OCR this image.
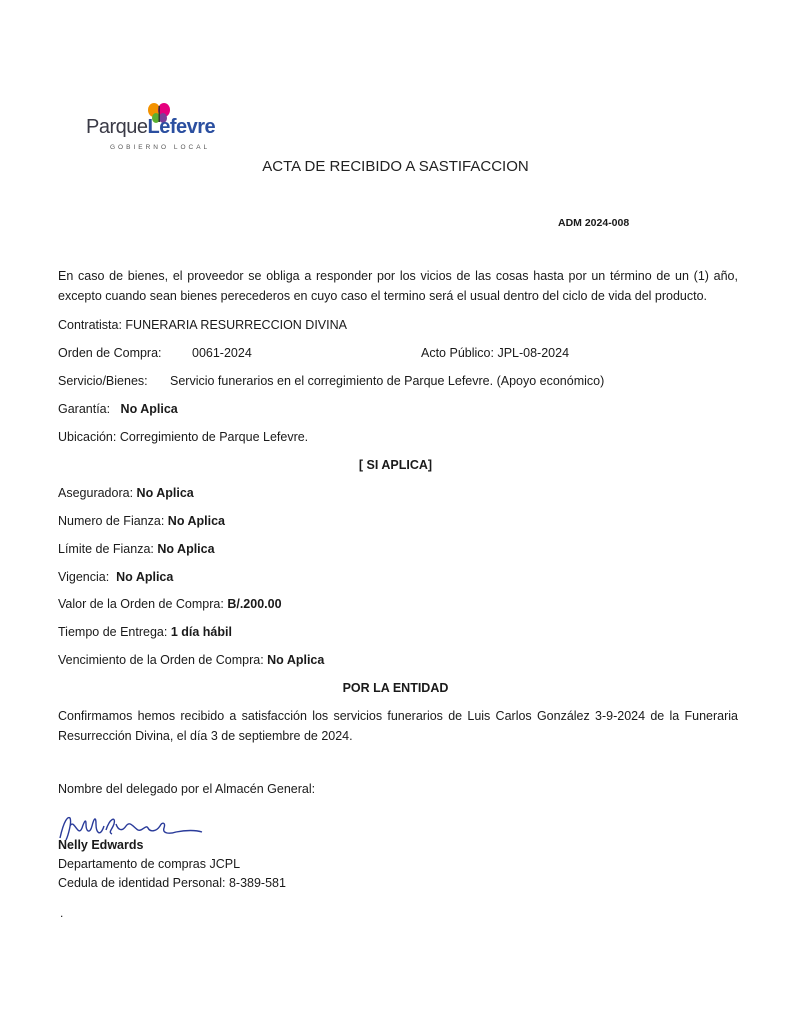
ParqueLefevre
GOBIERNO LOCAL
ACTA DE RECIBIDO A SASTIFACCION
ADM 2024-008
En caso de bienes, el proveedor se obliga a responder por los vicios de las cosas hasta por un término de un (1) año, excepto cuando sean bienes perecederos en cuyo caso el termino será el usual dentro del ciclo de vida del producto.
Contratista: FUNERARIA RESURRECCION DIVINA
Orden de Compra: 0061-2024	Acto Público: JPL-08-2024
Servicio/Bienes: Servicio funerarios en el corregimiento de Parque Lefevre. (Apoyo económico)
Garantía: No Aplica
Ubicación: Corregimiento de Parque Lefevre.
[ SI APLICA]
Aseguradora: No Aplica
Numero de Fianza: No Aplica
Límite de Fianza: No Aplica
Vigencia: No Aplica
Valor de la Orden de Compra: B/.200.00
Tiempo de Entrega: 1 día hábil
Vencimiento de la Orden de Compra: No Aplica
POR LA ENTIDAD
Confirmamos hemos recibido a satisfacción los servicios funerarios de Luis Carlos González 3-9-2024 de la Funeraria Resurrección Divina, el día 3 de septiembre de 2024.
Nombre del delegado por el Almacén General:
Nelly Edwards
Departamento de compras JCPL
Cedula de identidad Personal: 8-389-581
.
